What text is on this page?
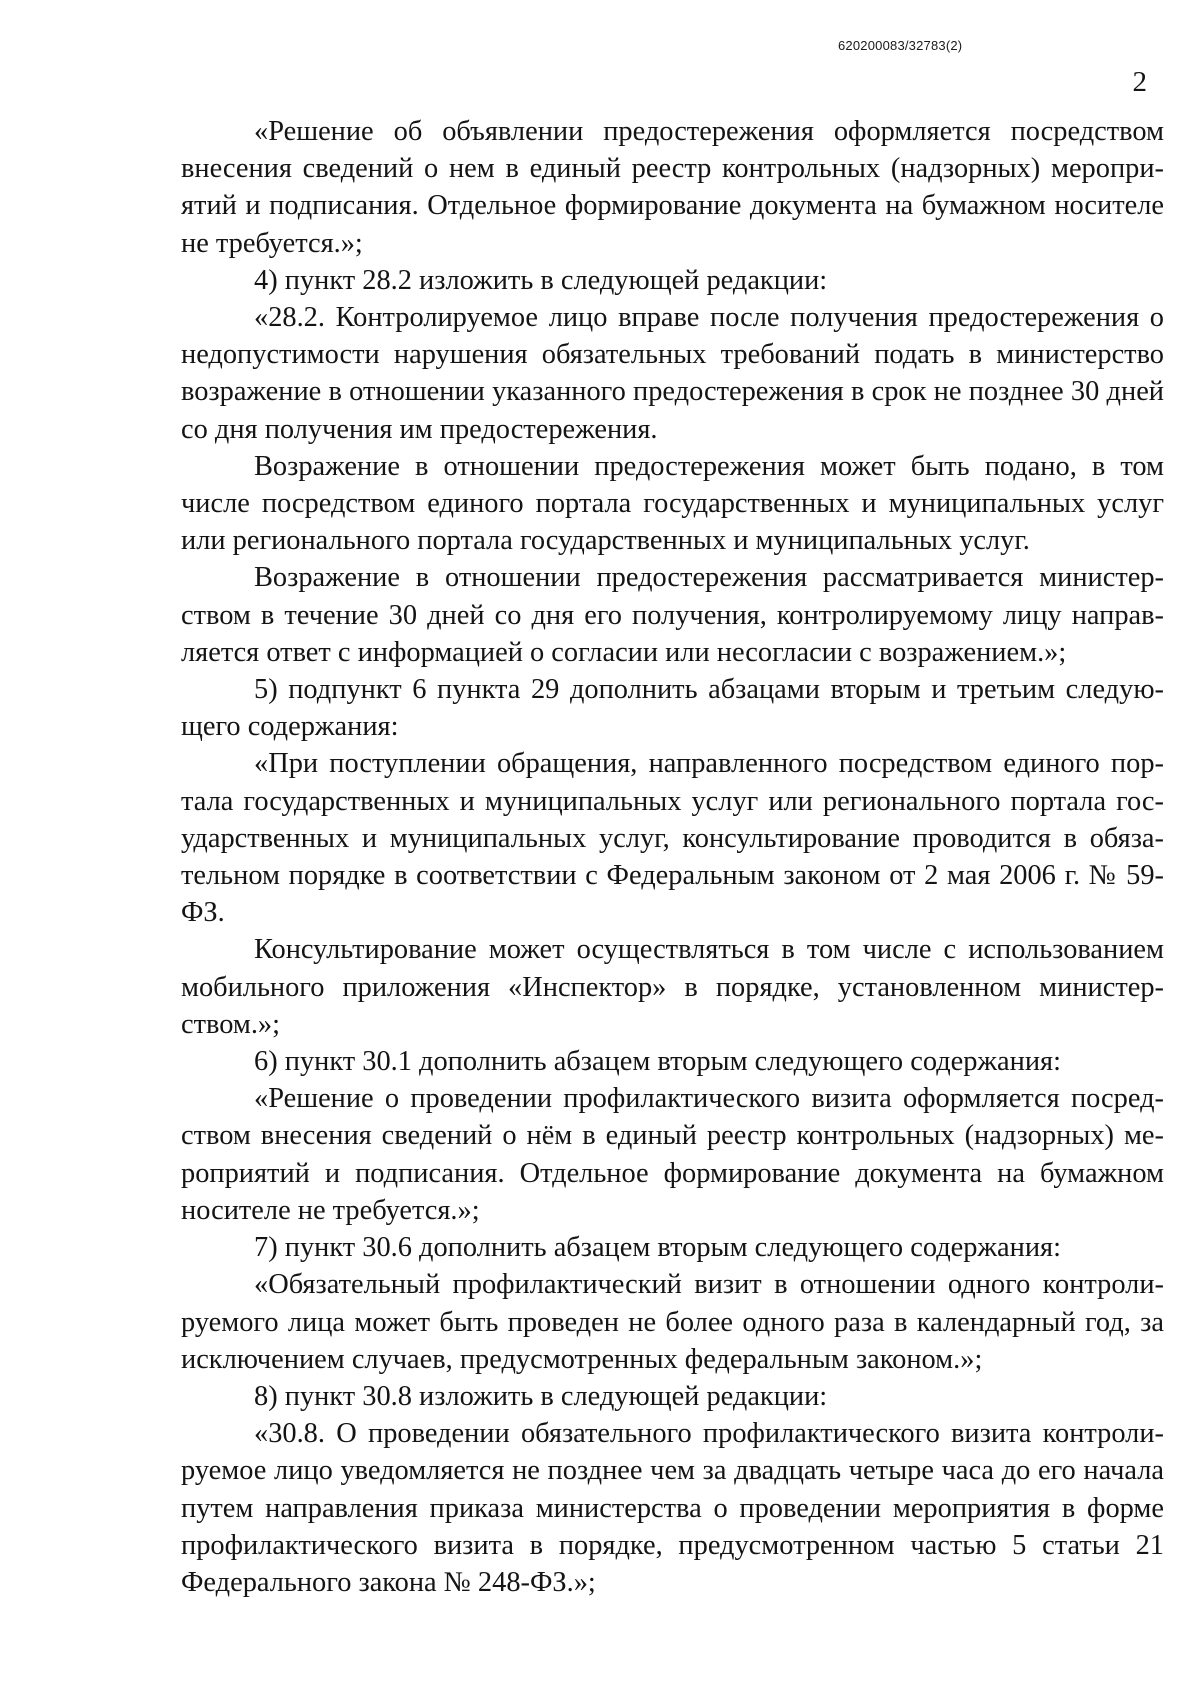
620200083/32783(2)
2

«Решение об объявлении предостережения оформляется посредством внесения сведений о нем в единый реестр контрольных (надзорных) мероприятий и подписания. Отдельное формирование документа на бумажном носителе не требуется.»;

4) пункт 28.2 изложить в следующей редакции:

«28.2. Контролируемое лицо вправе после получения предостережения о недопустимости нарушения обязательных требований подать в министерство возражение в отношении указанного предостережения в срок не позднее 30 дней со дня получения им предостережения.

Возражение в отношении предостережения может быть подано, в том числе посредством единого портала государственных и муниципальных услуг или регионального портала государственных и муниципальных услуг.

Возражение в отношении предостережения рассматривается министерством в течение 30 дней со дня его получения, контролируемому лицу направляется ответ с информацией о согласии или несогласии с возражением.»;

5) подпункт 6 пункта 29 дополнить абзацами вторым и третьим следующего содержания:

«При поступлении обращения, направленного посредством единого портала государственных и муниципальных услуг или регионального портала государственных и муниципальных услуг, консультирование проводится в обязательном порядке в соответствии с Федеральным законом от 2 мая 2006 г. № 59-ФЗ.

Консультирование может осуществляться в том числе с использованием мобильного приложения «Инспектор» в порядке, установленном министерством.»;

6) пункт 30.1 дополнить абзацем вторым следующего содержания:

«Решение о проведении профилактического визита оформляется посредством внесения сведений о нём в единый реестр контрольных (надзорных) мероприятий и подписания. Отдельное формирование документа на бумажном носителе не требуется.»;

7) пункт 30.6 дополнить абзацем вторым следующего содержания:

«Обязательный профилактический визит в отношении одного контролируемого лица может быть проведен не более одного раза в календарный год, за исключением случаев, предусмотренных федеральным законом.»;

8) пункт 30.8 изложить в следующей редакции:

«30.8. О проведении обязательного профилактического визита контролируемое лицо уведомляется не позднее чем за двадцать четыре часа до его начала путем направления приказа министерства о проведении мероприятия в форме профилактического визита в порядке, предусмотренном частью 5 статьи 21 Федерального закона № 248-ФЗ.»;
